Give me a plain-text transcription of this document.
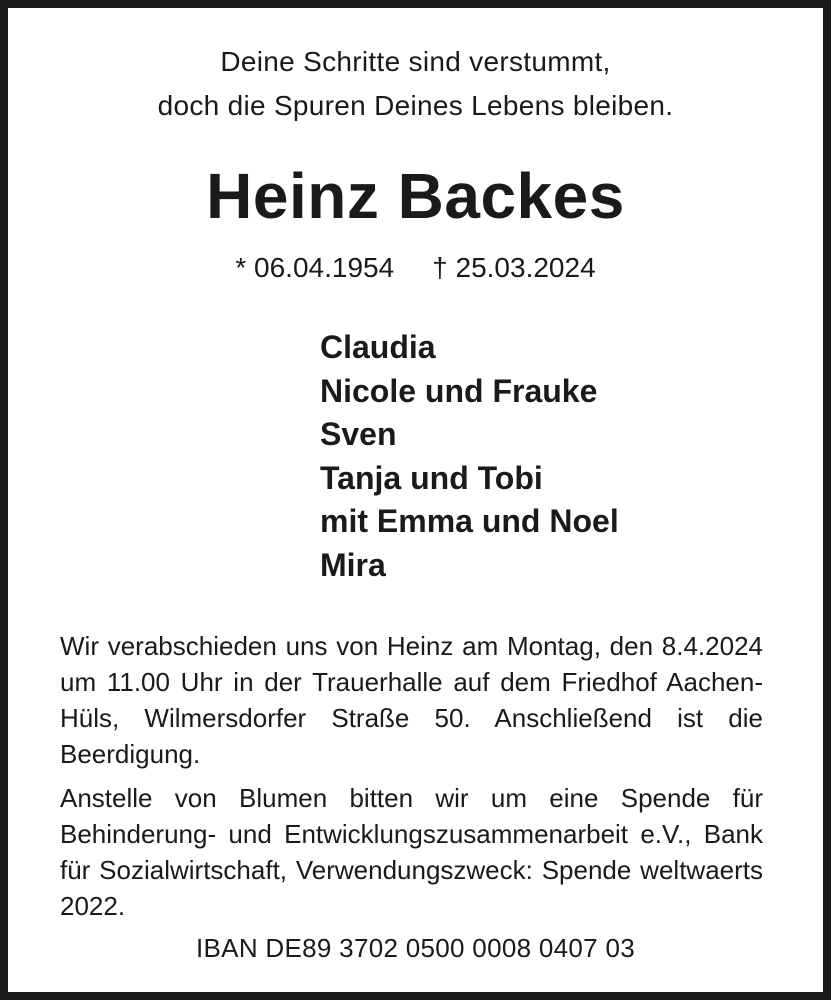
Deine Schritte sind verstummt,
doch die Spuren Deines Lebens bleiben.
Heinz Backes
* 06.04.1954 † 25.03.2024
Claudia
Nicole und Frauke
Sven
Tanja und Tobi
mit Emma und Noel
Mira
Wir verabschieden uns von Heinz am Montag, den 8.4.2024 um 11.00 Uhr in der Trauerhalle auf dem Friedhof Aachen-Hüls, Wilmersdorfer Straße 50. Anschließend ist die Beerdigung.
Anstelle von Blumen bitten wir um eine Spende für Behinderung- und Entwicklungszusammenarbeit e.V., Bank für Sozialwirtschaft, Verwendungszweck: Spende weltwaerts 2022.
IBAN DE89 3702 0500 0008 0407 03
